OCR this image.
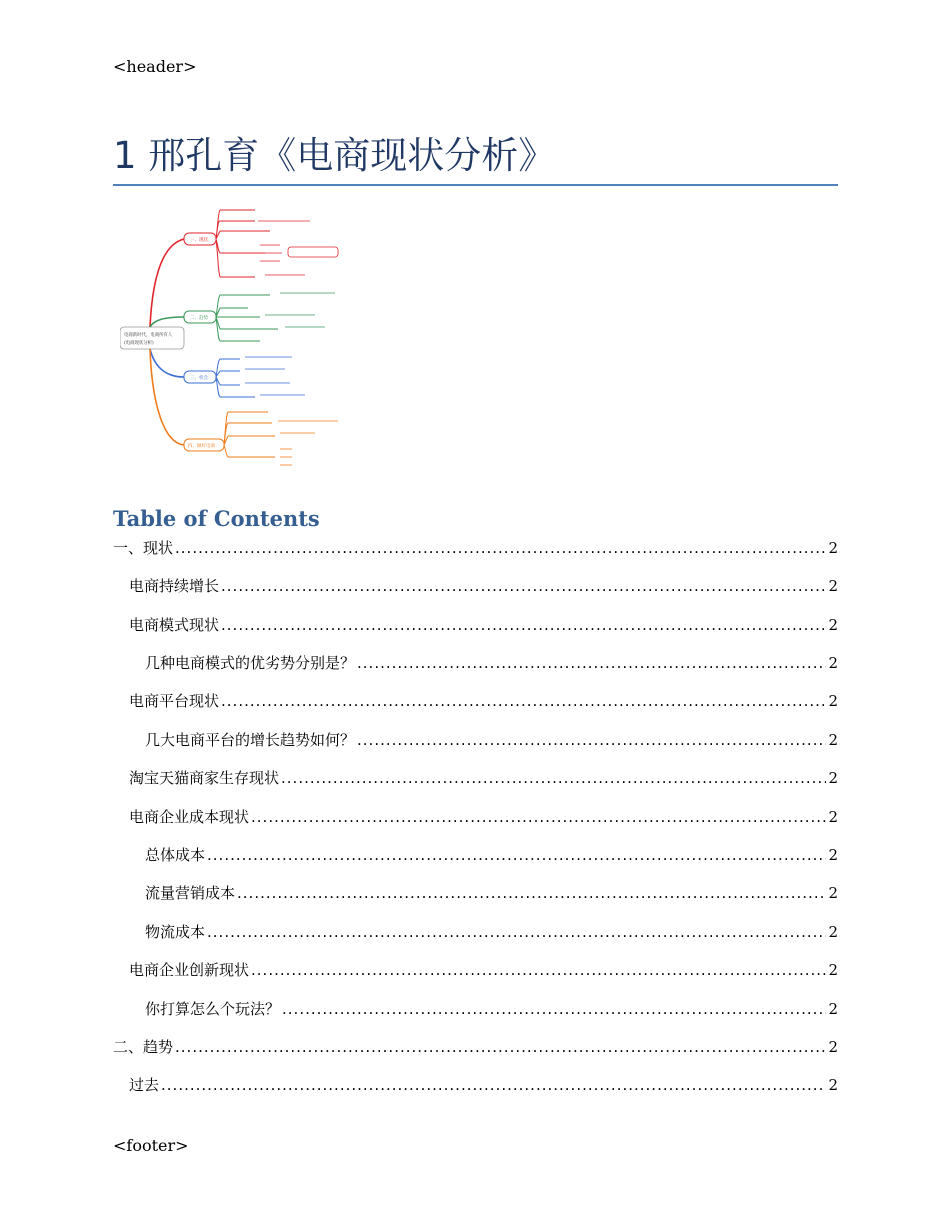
<header>
1 邢孔育《电商现状分析》
电商新时代，电商所有人
(电商现状分析)
一、现状
二、趋势
三、机会
四、做好电商
Table of Contents
一、现状 .....	2
电商持续增长 .....	2
电商模式现状 .....	2
几种电商模式的优劣势分别是？ .....	2
电商平台现状 .....	2
几大电商平台的增长趋势如何？ .....	2
淘宝天猫商家生存现状 .....	2
电商企业成本现状 .....	2
总体成本 .....	2
流量营销成本 .....	2
物流成本 .....	2
电商企业创新现状 .....	2
你打算怎么个玩法？ .....	2
二、趋势 .....	2
过去 .....	2
<footer>
